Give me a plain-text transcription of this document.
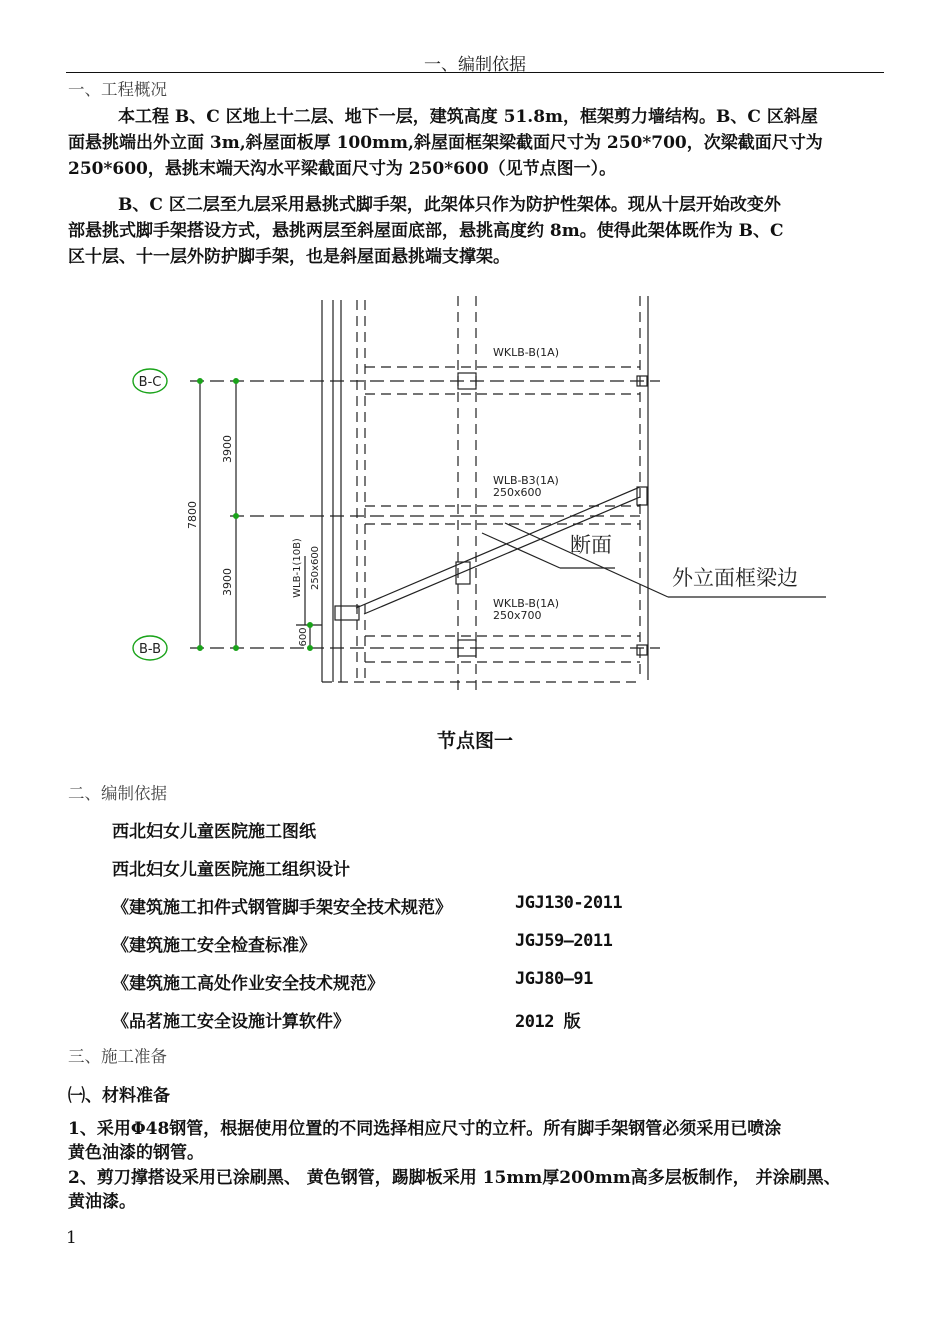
一、编制依据
一、工程概况
本工程 B、C 区地上十二层、地下一层，建筑高度 51.8m，框架剪力墙结构。B、C 区斜屋
面悬挑端出外立面 3m,斜屋面板厚 100mm,斜屋面框架梁截面尺寸为 250*700，次梁截面尺寸为
250*600，悬挑末端天沟水平梁截面尺寸为 250*600（见节点图一）。
B、C 区二层至九层采用悬挑式脚手架，此架体只作为防护性架体。现从十层开始改变外
部悬挑式脚手架搭设方式，悬挑两层至斜屋面底部，悬挑高度约 8m。使得此架体既作为 B、C
区十层、十一层外防护脚手架，也是斜屋面悬挑端支撑架。
B-C
B-B
7800
3900
3900
600
WLB-1(10B) 250x600
WKLB-B(1A)
WLB-B3(1A)
250x600
WKLB-B(1A)
250x700
断面
外立面框梁边
节点图一
二、编制依据
西北妇女儿童医院施工图纸
西北妇女儿童医院施工组织设计
《建筑施工扣件式钢管脚手架安全技术规范》	JGJ130-2011
《建筑施工安全检查标准》	JGJ59—2011
《建筑施工高处作业安全技术规范》	JGJ80—91
《品茗施工安全设施计算软件》	2012 版
三、施工准备
㈠、材料准备
1、采用Φ48钢管，根据使用位置的不同选择相应尺寸的立杆。所有脚手架钢管必须采用已喷涂
黄色油漆的钢管。
2、剪刀撑搭设采用已涂刷黑、 黄色钢管，踢脚板采用 15mm厚200mm高多层板制作， 并涂刷黑、
黄油漆。
1
